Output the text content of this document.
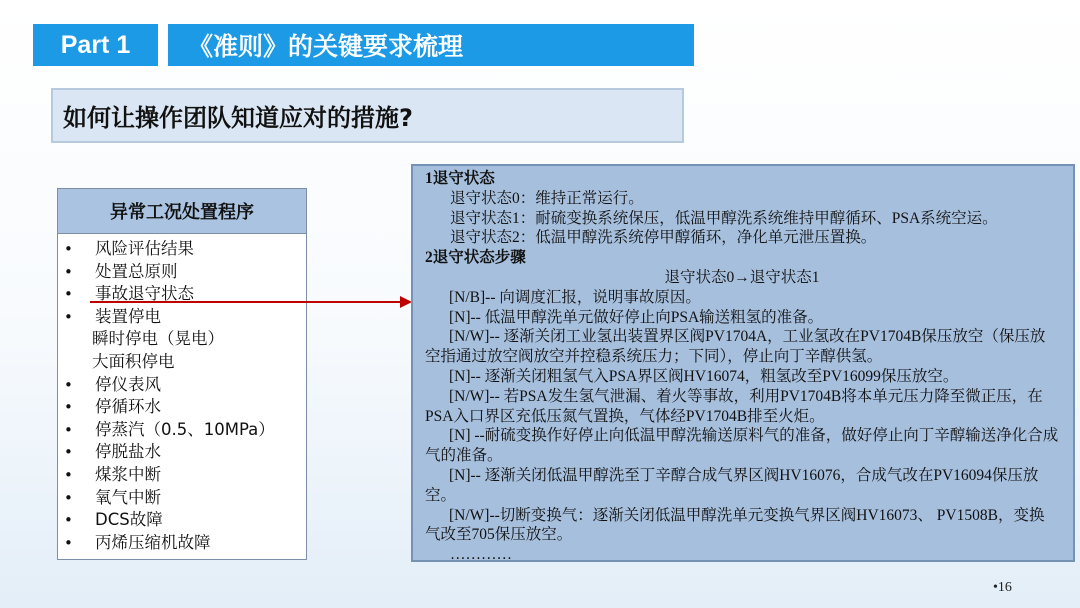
Part 1	《准则》的关键要求梳理
如何让操作团队知道应对的措施?
异常工况处置程序
• 风险评估结果
• 处置总原则
• 事故退守状态
• 装置停电
瞬时停电（晃电）
大面积停电
• 停仪表风
• 停循环水
• 停蒸汽（0.5、10MPa）
• 停脱盐水
• 煤浆中断
• 氧气中断
• DCS故障
• 丙烯压缩机故障
1退守状态
退守状态0：维持正常运行。
退守状态1：耐硫变换系统保压，低温甲醇洗系统维持甲醇循环、PSA系统空运。
退守状态2：低温甲醇洗系统停甲醇循环，净化单元泄压置换。
2退守状态步骤
退守状态0→退守状态1
[N/B]-- 向调度汇报，说明事故原因。
[N]-- 低温甲醇洗单元做好停止向PSA输送粗氢的准备。
[N/W]-- 逐渐关闭工业氢出装置界区阀PV1704A，工业氢改在PV1704B保压放空（保压放空指通过放空阀放空并控稳系统压力；下同），停止向丁辛醇供氢。
[N]-- 逐渐关闭粗氢气入PSA界区阀HV16074，粗氢改至PV16099保压放空。
[N/W]-- 若PSA发生氢气泄漏、着火等事故，利用PV1704B将本单元压力降至微正压，在PSA入口界区充低压氮气置换，气体经PV1704B排至火炬。
[N] --耐硫变换作好停止向低温甲醇洗输送原料气的准备，做好停止向丁辛醇输送净化合成气的准备。
[N]-- 逐渐关闭低温甲醇洗至丁辛醇合成气界区阀HV16076，合成气改在PV16094保压放空。
[N/W]--切断变换气：逐渐关闭低温甲醇洗单元变换气界区阀HV16073、 PV1508B，变换气改至705保压放空。
…………
•16
